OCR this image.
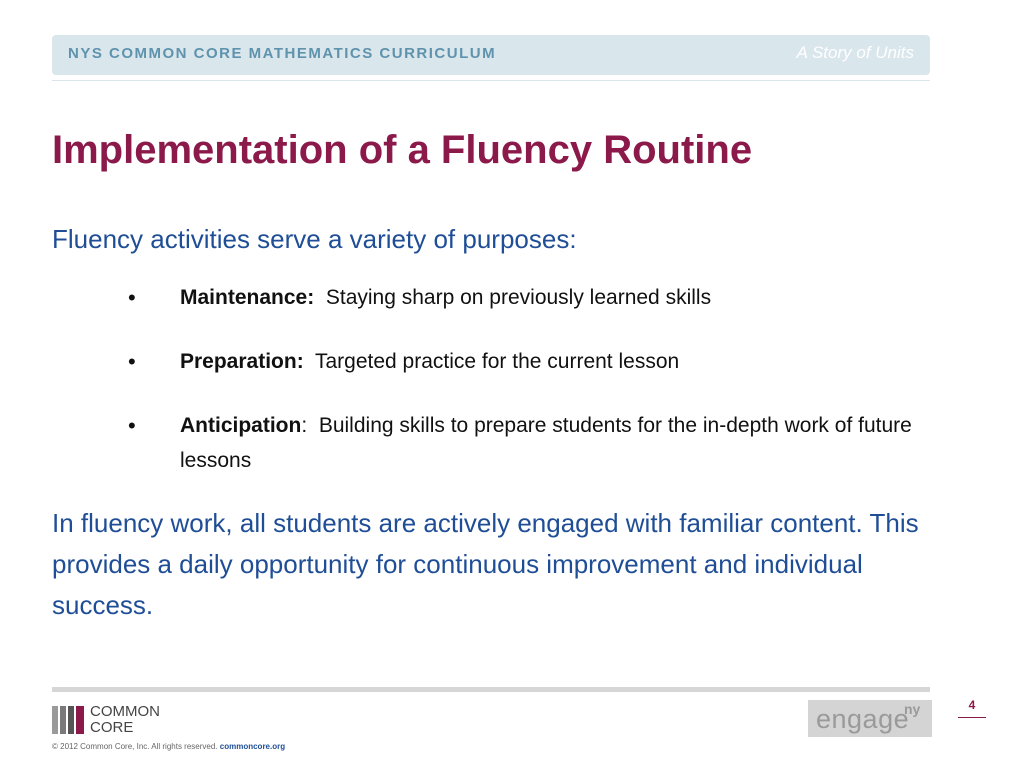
NYS COMMON CORE MATHEMATICS CURRICULUM	A Story of Units
Implementation of a Fluency Routine
Fluency activities serve a variety of purposes:
• Maintenance:  Staying sharp on previously learned skills
• Preparation:  Targeted practice for the current lesson
• Anticipation:  Building skills to prepare students for the in-depth work of future lessons
In fluency work, all students are actively engaged with familiar content. This provides a daily opportunity for continuous improvement and individual success.
COMMON
CORE
© 2012 Common Core, Inc. All rights reserved. commoncore.org
engage
ny	4
